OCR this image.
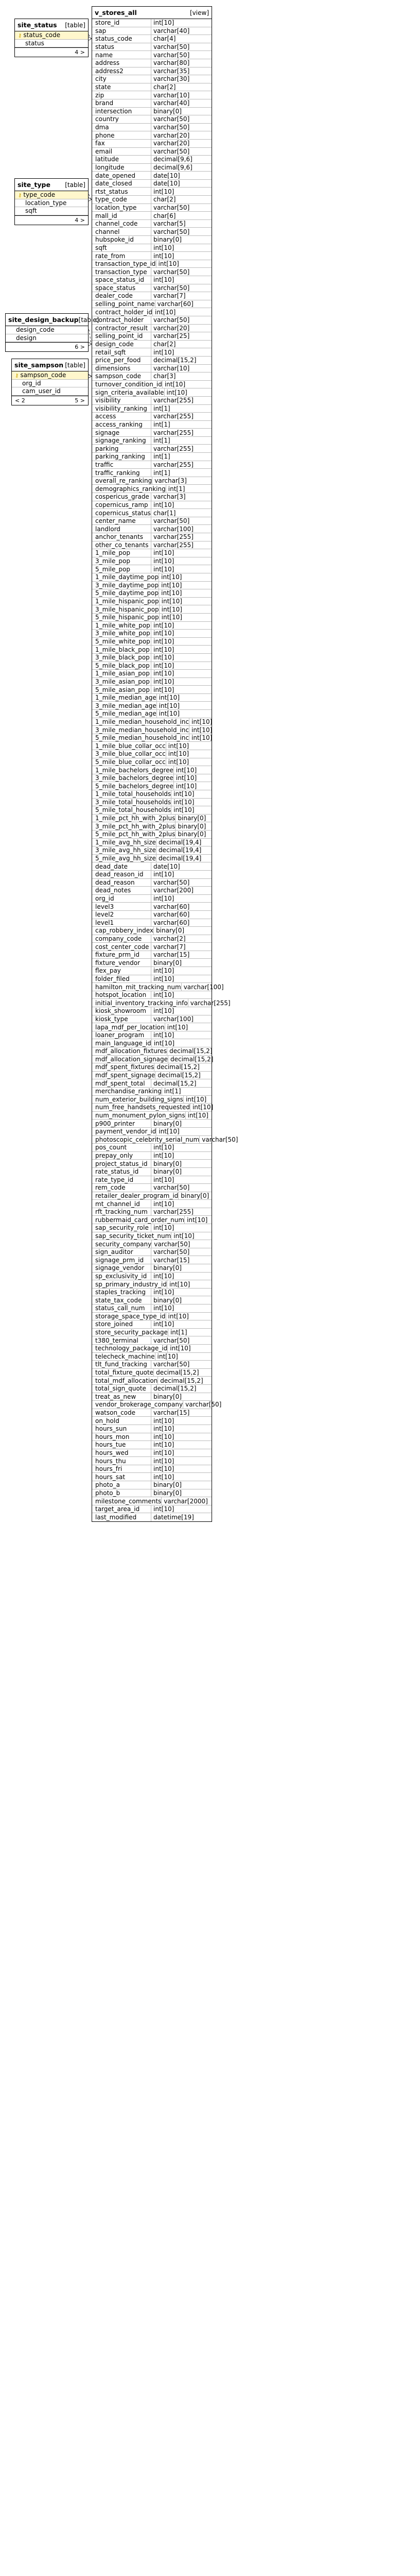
v_stores_all	[view]
store_id	int[10]
sap	varchar[40]
status_code	char[4]
status	varchar[50]
name	varchar[50]
address	varchar[80]
address2	varchar[35]
city	varchar[30]
state	char[2]
zip	varchar[10]
brand	varchar[40]
intersection	binary[0]
country	varchar[50]
dma	varchar[50]
phone	varchar[20]
fax	varchar[20]
email	varchar[50]
latitude	decimal[9,6]
longitude	decimal[9,6]
date_opened	date[10]
date_closed	date[10]
rtst_status	int[10]
type_code	char[2]
location_type	varchar[50]
mall_id	char[6]
channel_code	varchar[5]
channel	varchar[50]
hubspoke_id	binary[0]
sqft	int[10]
rate_from	int[10]
transaction_type_id int[10]
transaction_type	varchar[50]
space_status_id	int[10]
space_status	varchar[50]
dealer_code	varchar[7]
selling_point_name varchar[60]
contract_holder_id int[10]
contract_holder	varchar[50]
contractor_result varchar[20]
selling_point_id	varchar[25]
design_code	char[2]
retail_sqft	int[10]
price_per_food	decimal[15,2]
dimensions	varchar[10]
sampson_code	char[3]
turnover_condition_id int[10]
sign_criteria_available int[10]
visibility	varchar[255]
visibility_ranking	int[1]
access	varchar[255]
access_ranking	int[1]
signage	varchar[255]
signage_ranking	int[1]
parking	varchar[255]
parking_ranking	int[1]
traffic	varchar[255]
traffic_ranking	int[1]
overall_re_ranking varchar[3]
demographics_ranking int[1]
cospericus_grade varchar[3]
copernicus_ramp int[10]
copernicus_status char[1]
center_name	varchar[50]
landlord	varchar[100]
anchor_tenants	varchar[255]
other_co_tenants varchar[255]
1_mile_pop	int[10]
3_mile_pop	int[10]
5_mile_pop	int[10]
1_mile_daytime_pop int[10]
3_mile_daytime_pop int[10]
5_mile_daytime_pop int[10]
1_mile_hispanic_pop int[10]
3_mile_hispanic_pop int[10]
5_mile_hispanic_pop int[10]
1_mile_white_pop int[10]
3_mile_white_pop int[10]
5_mile_white_pop int[10]
1_mile_black_pop int[10]
3_mile_black_pop int[10]
5_mile_black_pop int[10]
1_mile_asian_pop int[10]
3_mile_asian_pop int[10]
5_mile_asian_pop int[10]
1_mile_median_age int[10]
3_mile_median_age int[10]
5_mile_median_age int[10]
1_mile_median_household_inc int[10]
3_mile_median_household_inc int[10]
5_mile_median_household_inc int[10]
1_mile_blue_collar_occ int[10]
3_mile_blue_collar_occ int[10]
5_mile_blue_collar_occ int[10]
1_mile_bachelors_degree int[10]
3_mile_bachelors_degree int[10]
5_mile_bachelors_degree int[10]
1_mile_total_households int[10]
3_mile_total_households int[10]
5_mile_total_households int[10]
1_mile_pct_hh_with_2plus binary[0]
3_mile_pct_hh_with_2plus binary[0]
5_mile_pct_hh_with_2plus binary[0]
1_mile_avg_hh_size decimal[19,4]
3_mile_avg_hh_size decimal[19,4]
5_mile_avg_hh_size decimal[19,4]
dead_date	date[10]
dead_reason_id	int[10]
dead_reason	varchar[50]
dead_notes	varchar[200]
org_id	int[10]
level3	varchar[60]
level2	varchar[60]
level1	varchar[60]
cap_robbery_index binary[0]
company_code	varchar[2]
cost_center_code varchar[7]
fixture_prm_id	varchar[15]
fixture_vendor	binary[0]
flex_pay	int[10]
folder_filed	int[10]
hamilton_mit_tracking_num varchar[100]
hotspot_location	int[10]
initial_inventory_tracking_info varchar[255]
kiosk_showroom	int[10]
kiosk_type	varchar[100]
lapa_mdf_per_location int[10]
loaner_program	int[10]
main_language_id int[10]
mdf_allocation_fixtures decimal[15,2]
mdf_allocation_signage decimal[15,2]
mdf_spent_fixtures decimal[15,2]
mdf_spent_signage decimal[15,2]
mdf_spent_total	decimal[15,2]
merchandise_ranking int[1]
num_exterior_building_signs int[10]
num_free_handsets_requested int[10]
num_monument_pylon_signs int[10]
p900_printer	binary[0]
payment_vendor_id int[10]
photoscopic_celebrity_serial_num varchar[50]
pos_count	int[10]
prepay_only	int[10]
project_status_id binary[0]
rate_status_id	binary[0]
rate_type_id	int[10]
rem_code	varchar[50]
retailer_dealer_program_id binary[0]
mt_channel_id	int[10]
rft_tracking_num varchar[255]
rubbermaid_card_order_num int[10]
sap_security_role int[10]
sap_security_ticket_num int[10]
security_company varchar[50]
sign_auditor	varchar[50]
signage_prm_id	varchar[15]
signage_vendor	binary[0]
sp_exclusivity_id	int[10]
sp_primary_industry_id int[10]
staples_tracking	int[10]
state_tax_code	binary[0]
status_call_num	int[10]
storage_space_type_id int[10]
store_joined	int[10]
store_security_package int[1]
t380_terminal	varchar[50]
technology_package_id int[10]
telecheck_machine int[10]
tlt_fund_tracking	varchar[50]
total_fixture_quote decimal[15,2]
total_mdf_allocation decimal[15,2]
total_sign_quote	decimal[15,2]
treat_as_new	binary[0]
vendor_brokerage_company varchar[50]
watson_code	varchar[15]
on_hold	int[10]
hours_sun	int[10]
hours_mon	int[10]
hours_tue	int[10]
hours_wed	int[10]
hours_thu	int[10]
hours_fri	int[10]
hours_sat	int[10]
photo_a	binary[0]
photo_b	binary[0]
milestone_comments varchar[2000]
target_area_id	int[10]
last_modified	datetime[19]
site_status [table]
⚷ status_code
status
4 >
site_type [table]
⚷ type_code
location_type
sqft
4 >
site_design_backup [table]
design_code
design
6 >
site_sampson [table]
⚷ sampson_code
org_id
cam_user_id
< 2	5 >
